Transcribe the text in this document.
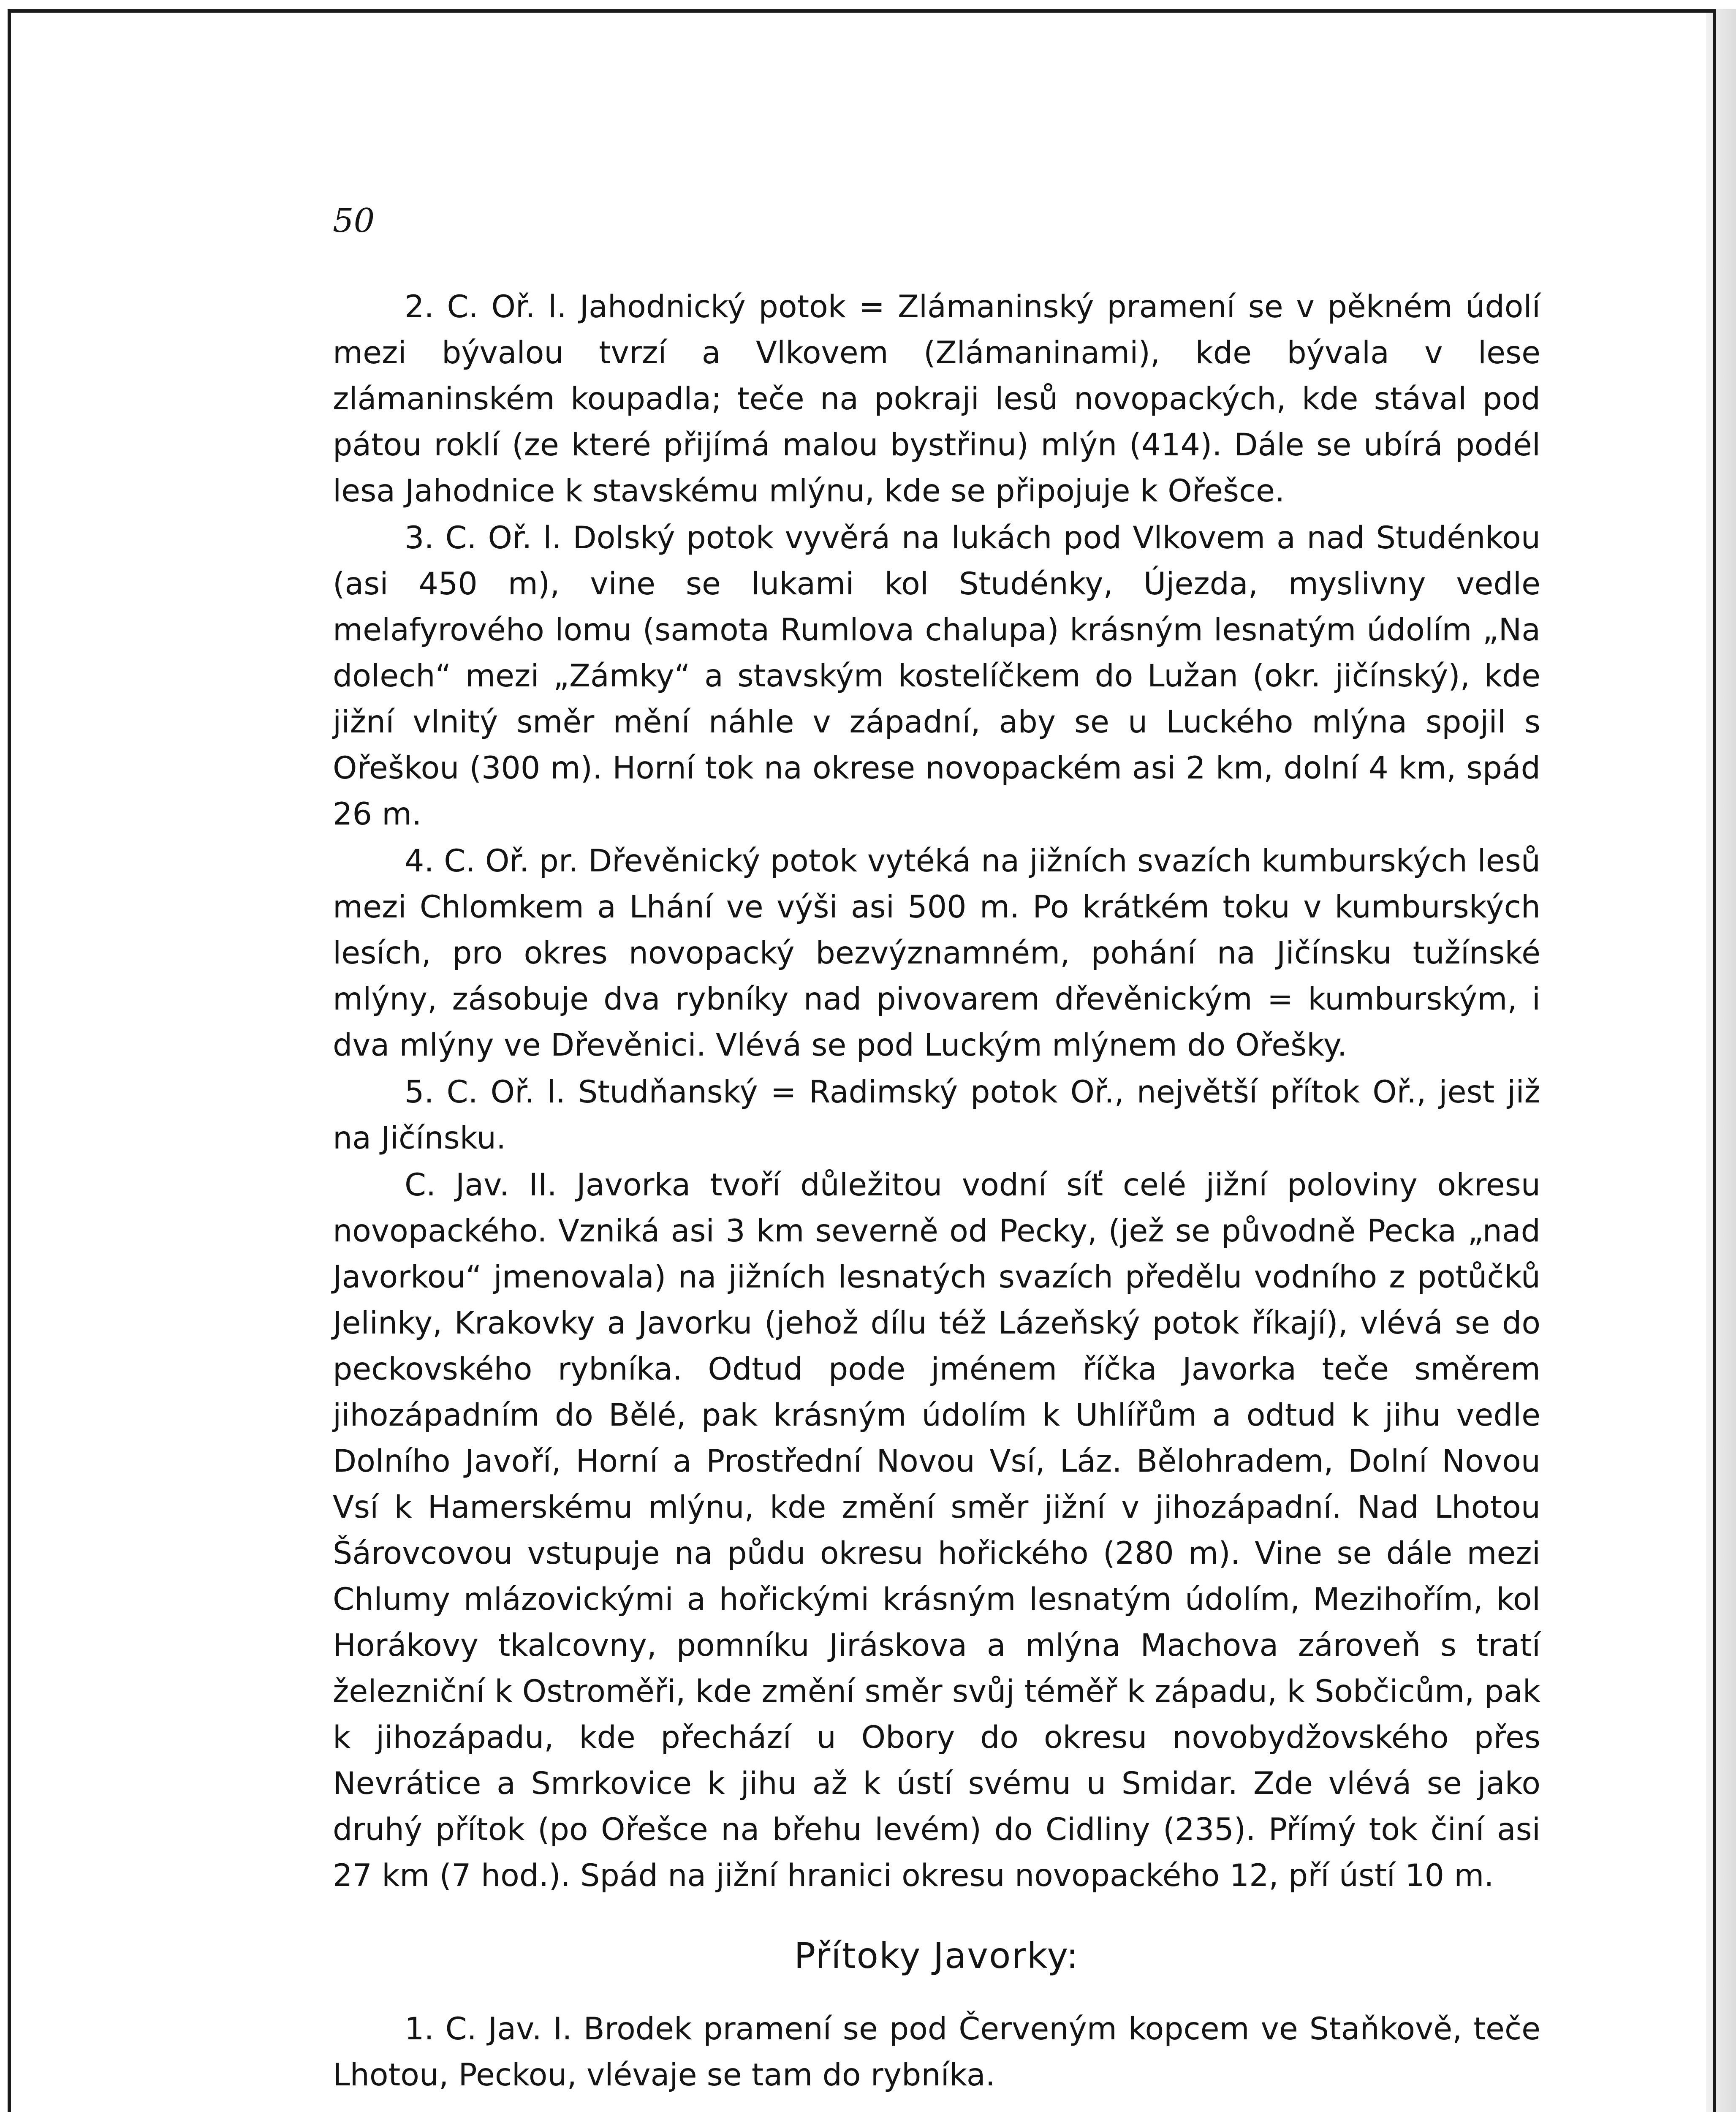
50

2. C. Oř. l. Jahodnický potok = Zlámaninský pramení se v pěkném údolí mezi bývalou tvrzí a Vlkovem (Zlámaninami), kde bývala v lese zlámaninském koupadla; teče na pokraji lesů novopackých, kde stával pod pátou roklí (ze které přijímá malou bystřinu) mlýn (414). Dále se ubírá podél lesa Jahodnice k stavskému mlýnu, kde se připojuje k Ořešce.

3. C. Oř. l. Dolský potok vyvěrá na lukách pod Vlkovem a nad Studénkou (asi 450 m), vine se lukami kol Studénky, Újezda, myslivny vedle melafyrového lomu (samota Rumlova chalupa) krásným lesnatým údolím „Na dolech“ mezi „Zámky“ a stavským kostelíčkem do Lužan (okr. jičínský), kde jižní vlnitý směr mění náhle v západní, aby se u Luckého mlýna spojil s Ořeškou (300 m). Horní tok na okrese novopackém asi 2 km, dolní 4 km, spád 26 m.

4. C. Oř. pr. Dřevěnický potok vytéká na jižních svazích kumburských lesů mezi Chlomkem a Lhání ve výši asi 500 m. Po krátkém toku v kumburských lesích, pro okres novopacký bezvýznamném, pohání na Jičínsku tužínské mlýny, zásobuje dva rybníky nad pivovarem dřevěnickým = kumburským, i dva mlýny ve Dřevěnici. Vlévá se pod Luckým mlýnem do Ořešky.

5. C. Oř. l. Studňanský = Radimský potok Oř., největší přítok Oř., jest již na Jičínsku.

C. Jav. II. Javorka tvoří důležitou vodní síť celé jižní poloviny okresu novopackého. Vzniká asi 3 km severně od Pecky, (jež se původně Pecka „nad Javorkou“ jmenovala) na jižních lesnatých svazích předělu vodního z potůčků Jelinky, Krakovky a Javorku (jehož dílu též Lázeňský potok říkají), vlévá se do peckovského rybníka. Odtud pode jménem říčka Javorka teče směrem jihozápadním do Bělé, pak krásným údolím k Uhlířům a odtud k jihu vedle Dolního Javoří, Horní a Prostřední Novou Vsí, Láz. Bělohradem, Dolní Novou Vsí k Hamerskému mlýnu, kde změní směr jižní v jihozápadní. Nad Lhotou Šárovcovou vstupuje na půdu okresu hořického (280 m). Vine se dále mezi Chlumy mlázovickými a hořickými krásným lesnatým údolím, Mezihořím, kol Horákovy tkalcovny, pomníku Jiráskova a mlýna Machova zároveň s tratí železniční k Ostroměři, kde změní směr svůj téměř k západu, k Sobčicům, pak k jihozápadu, kde přechází u Obory do okresu novobydžovského přes Nevrátice a Smrkovice k jihu až k ústí svému u Smidar. Zde vlévá se jako druhý přítok (po Ořešce na břehu levém) do Cidliny (235). Přímý tok činí asi 27 km (7 hod.). Spád na jižní hranici okresu novopackého 12, pří ústí 10 m.

Přítoky Javorky:

1. C. Jav. I. Brodek pramení se pod Červeným kopcem ve Staňkově, teče Lhotou, Peckou, vlévaje se tam do rybníka.
